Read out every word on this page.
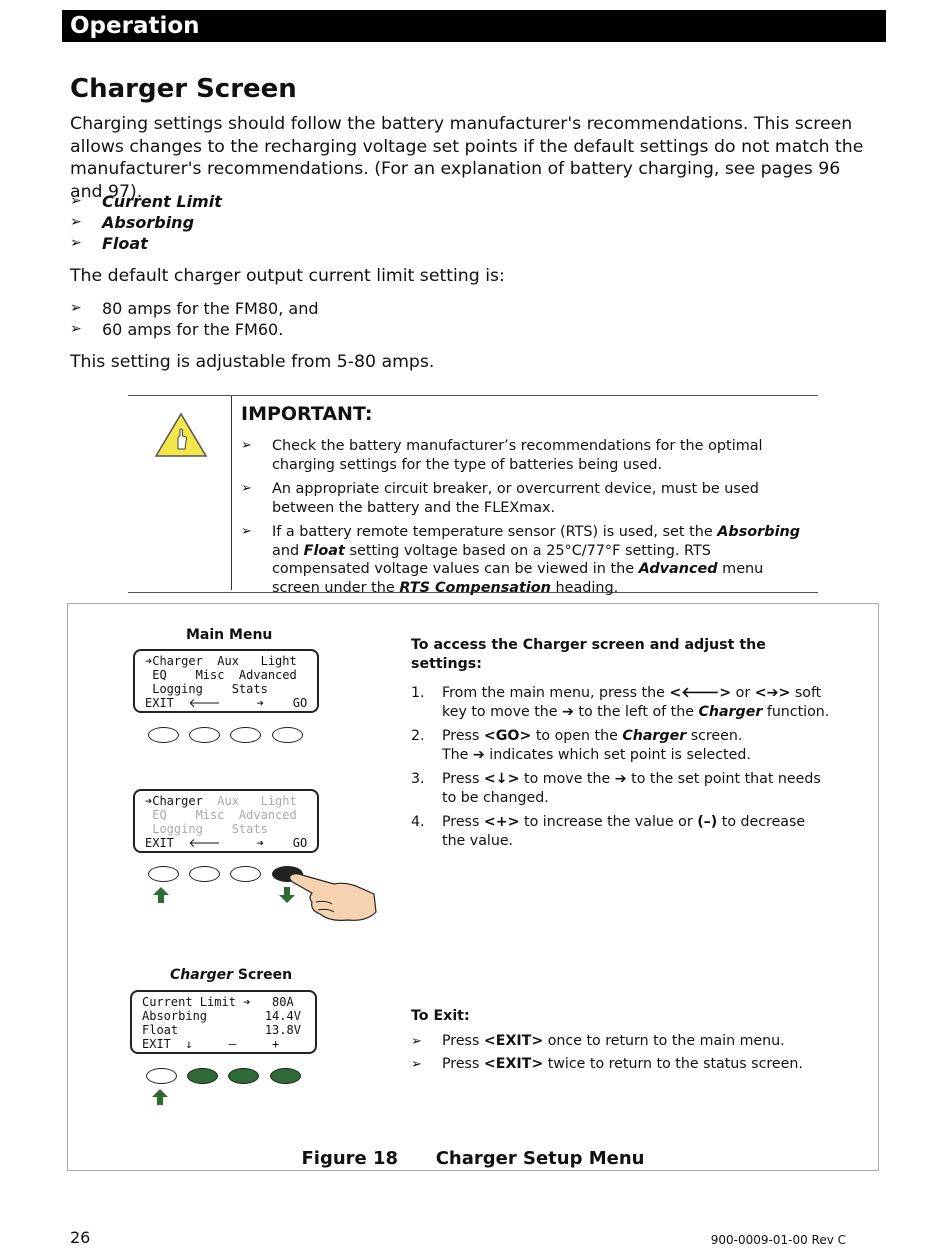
Operation
Charger Screen
Charging settings should follow the battery manufacturer's recommendations. This screen allows changes to the recharging voltage set points if the default settings do not match the manufacturer's recommendations. (For an explanation of battery charging, see pages 96 and 97).
➢ Current Limit
➢ Absorbing
➢ Float
The default charger output current limit setting is:
➢ 80 amps for the FM80, and
➢ 60 amps for the FM60.
This setting is adjustable from 5-80 amps.
IMPORTANT:
➢ Check the battery manufacturer’s recommendations for the optimal charging settings for the type of batteries being used.
➢ An appropriate circuit breaker, or overcurrent device, must be used between the battery and the FLEXmax.
➢ If a battery remote temperature sensor (RTS) is used, set the Absorbing and Float setting voltage based on a 25°C/77°F setting. RTS compensated voltage values can be viewed in the Advanced menu screen under the RTS Compensation heading.
Main Menu
➔Charger  Aux   Light
EQ    Misc  Advanced
Logging    Stats
EXIT  🡐     ➔    GO
➔Charger  Aux   Light
EQ    Misc  Advanced
Logging    Stats
EXIT  🡐     ➔    GO
Charger Screen
Current Limit ➔   80A
Absorbing        14.4V
Float            13.8V
EXIT  ↓     –     +
To access the Charger screen and adjust the settings:
1. From the main menu, press the <🡐> or <➔> soft key to move the ➔ to the left of the Charger function.
2. Press <GO> to open the Charger screen.
The ➔ indicates which set point is selected.
3. Press <↓> to move the ➔ to the set point that needs to be changed.
4. Press <+> to increase the value or (–) to decrease the value.
To Exit:
➢ Press <EXIT> once to return to the main menu.
➢ Press <EXIT> twice to return to the status screen.
Figure 18 Charger Setup Menu
26	900-0009-01-00 Rev C
